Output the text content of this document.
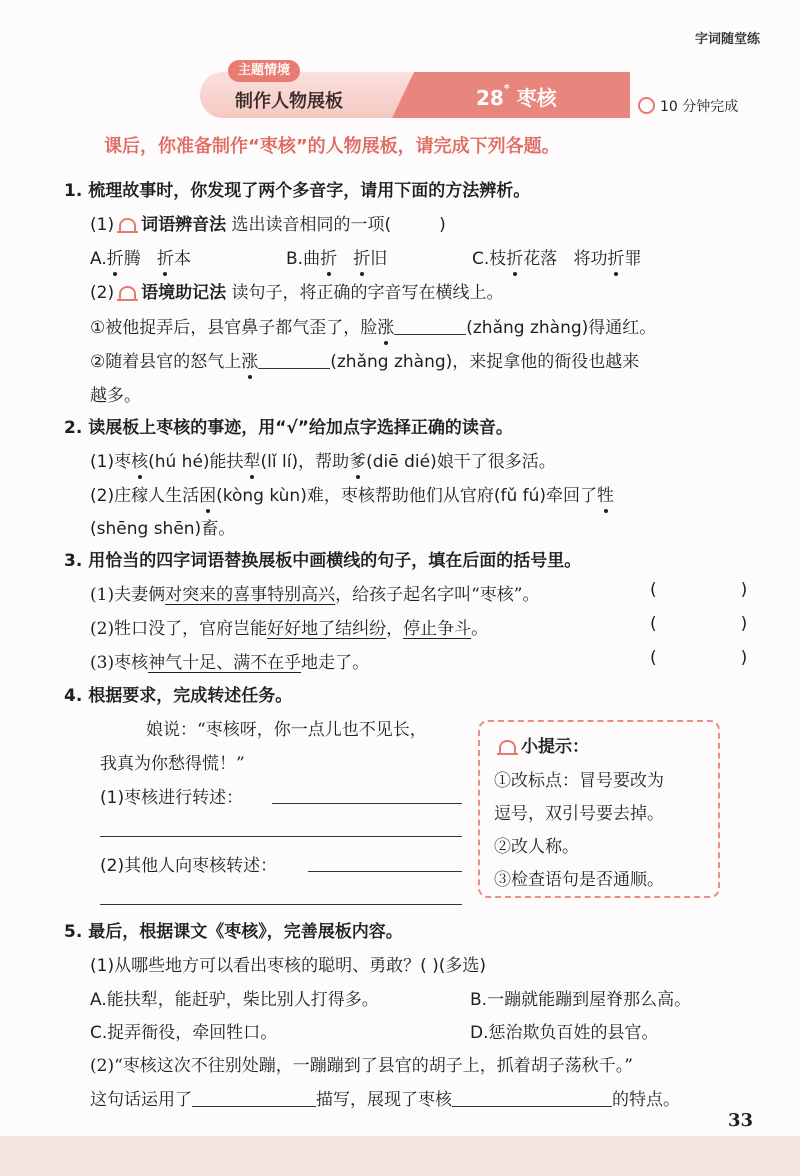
字词随堂练
制作人物展板	28* 枣核
主题情境
10 分钟完成
课后，你准备制作“枣核”的人物展板，请完成下列各题。
1. 梳理故事时，你发现了两个多音字，请用下面的方法辨析。
(1) 词语辨音法 选出读音相同的一项(	)
A.折腾 折本	B.曲折 折旧	C.枝折花落 将功折罪
(2) 语境助记法 读句子，将正确的字音写在横线上。
①被他捉弄后，县官鼻子都气歪了，脸涨	(zhǎng zhàng)得通红。
②随着县官的怒气上涨	(zhǎng zhàng)，来捉拿他的衙役也越来
越多。
2. 读展板上枣核的事迹，用“√”给加点字选择正确的读音。
(1)枣核(hú hé)能扶犁(lǐ lí)，帮助爹(diē dié)娘干了很多活。
(2)庄稼人生活困(kòng kùn)难，枣核帮助他们从官府(fǔ fú)牵回了牲
(shēng shēn)畜。
3. 用恰当的四字词语替换展板中画横线的句子，填在后面的括号里。
(1)夫妻俩对突来的喜事特别高兴，给孩子起名字叫“枣核”。
(2)牲口没了，官府岂能好好地了结纠纷，停止争斗。
(3)枣核神气十足、满不在乎地走了。
(	)
(	)
(	)
4. 根据要求，完成转述任务。
娘说：“枣核呀，你一点儿也不见长，
我真为你愁得慌！”
(1)枣核进行转述：
(2)其他人向枣核转述：
小提示：
①改标点：冒号要改为
逗号，双引号要去掉。
②改人称。
③检查语句是否通顺。
5. 最后，根据课文《枣核》，完善展板内容。
(1)从哪些地方可以看出枣核的聪明、勇敢？( )(多选)
A.能扶犁，能赶驴，柴比别人打得多。	B.一蹦就能蹦到屋脊那么高。
C.捉弄衙役，牵回牲口。	D.惩治欺负百姓的县官。
(2)“枣核这次不往别处蹦，一蹦蹦到了县官的胡子上，抓着胡子荡秋千。”
这句话运用了	描写，展现了枣核	的特点。
33
